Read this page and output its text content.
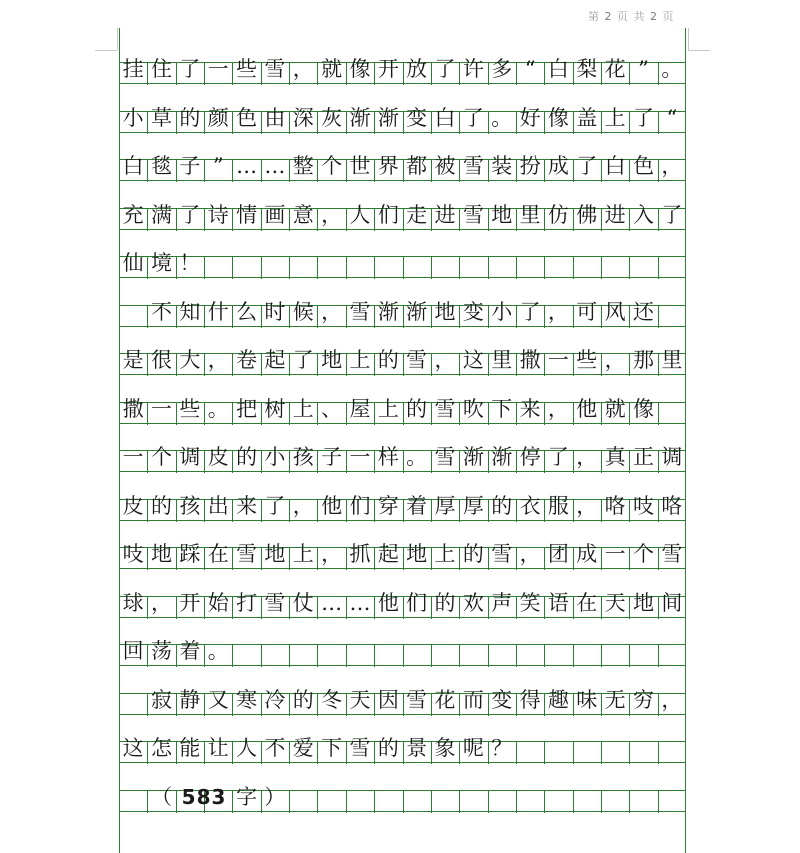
第 2 页 共 2 页
挂 住 了 一 些 雪 ， 就 像 开 放 了 许 多 “ 白 梨 花 ” 。
小 草 的 颜 色 由 深 灰 渐 渐 变 白 了 。 好 像 盖 上 了 “
白 毯 子 ” … … 整 个 世 界 都 被 雪 装 扮 成 了 白 色 ，
充 满 了 诗 情 画 意 ， 人 们 走 进 雪 地 里 仿 佛 进 入 了
仙 境 ！
不 知 什 么 时 候 ， 雪 渐 渐 地 变 小 了 ， 可 风 还
是 很 大 ， 卷 起 了 地 上 的 雪 ， 这 里 撒 一 些 ， 那 里
撒 一 些 。 把 树 上 、 屋 上 的 雪 吹 下 来 ， 他 就 像
一 个 调 皮 的 小 孩 子 一 样 。 雪 渐 渐 停 了 ， 真 正 调
皮 的 孩 出 来 了 ， 他 们 穿 着 厚 厚 的 衣 服 ， 咯 吱 咯
吱 地 踩 在 雪 地 上 ， 抓 起 地 上 的 雪 ， 团 成 一 个 雪
球 ， 开 始 打 雪 仗 … … 他 们 的 欢 声 笑 语 在 天 地 间
回 荡 着 。
寂 静 又 寒 冷 的 冬 天 因 雪 花 而 变 得 趣 味 无 穷 ，
这 怎 能 让 人 不 爱 下 雪 的 景 象 呢 ？
（ 583 字 ）
